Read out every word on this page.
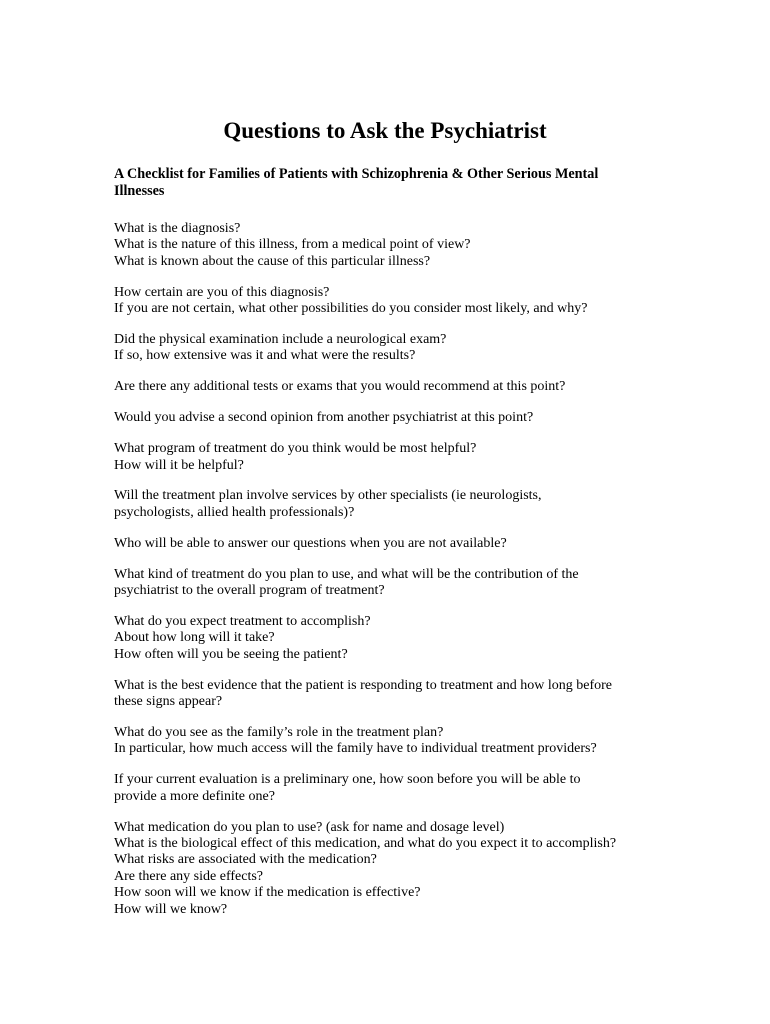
Questions to Ask the Psychiatrist

A Checklist for Families of Patients with Schizophrenia & Other Serious Mental
Illnesses

What is the diagnosis?
What is the nature of this illness, from a medical point of view?
What is known about the cause of this particular illness?
How certain are you of this diagnosis?
If you are not certain, what other possibilities do you consider most likely, and why?
Did the physical examination include a neurological exam?
If so, how extensive was it and what were the results?
Are there any additional tests or exams that you would recommend at this point?
Would you advise a second opinion from another psychiatrist at this point?
What program of treatment do you think would be most helpful?
How will it be helpful?
Will the treatment plan involve services by other specialists (ie neurologists,
psychologists, allied health professionals)?
Who will be able to answer our questions when you are not available?
What kind of treatment do you plan to use, and what will be the contribution of the
psychiatrist to the overall program of treatment?
What do you expect treatment to accomplish?
About how long will it take?
How often will you be seeing the patient?
What is the best evidence that the patient is responding to treatment and how long before
these signs appear?
What do you see as the family’s role in the treatment plan?
In particular, how much access will the family have to individual treatment providers?
If your current evaluation is a preliminary one, how soon before you will be able to
provide a more definite one?
What medication do you plan to use? (ask for name and dosage level)
What is the biological effect of this medication, and what do you expect it to accomplish?
What risks are associated with the medication?
Are there any side effects?
How soon will we know if the medication is effective?
How will we know?
